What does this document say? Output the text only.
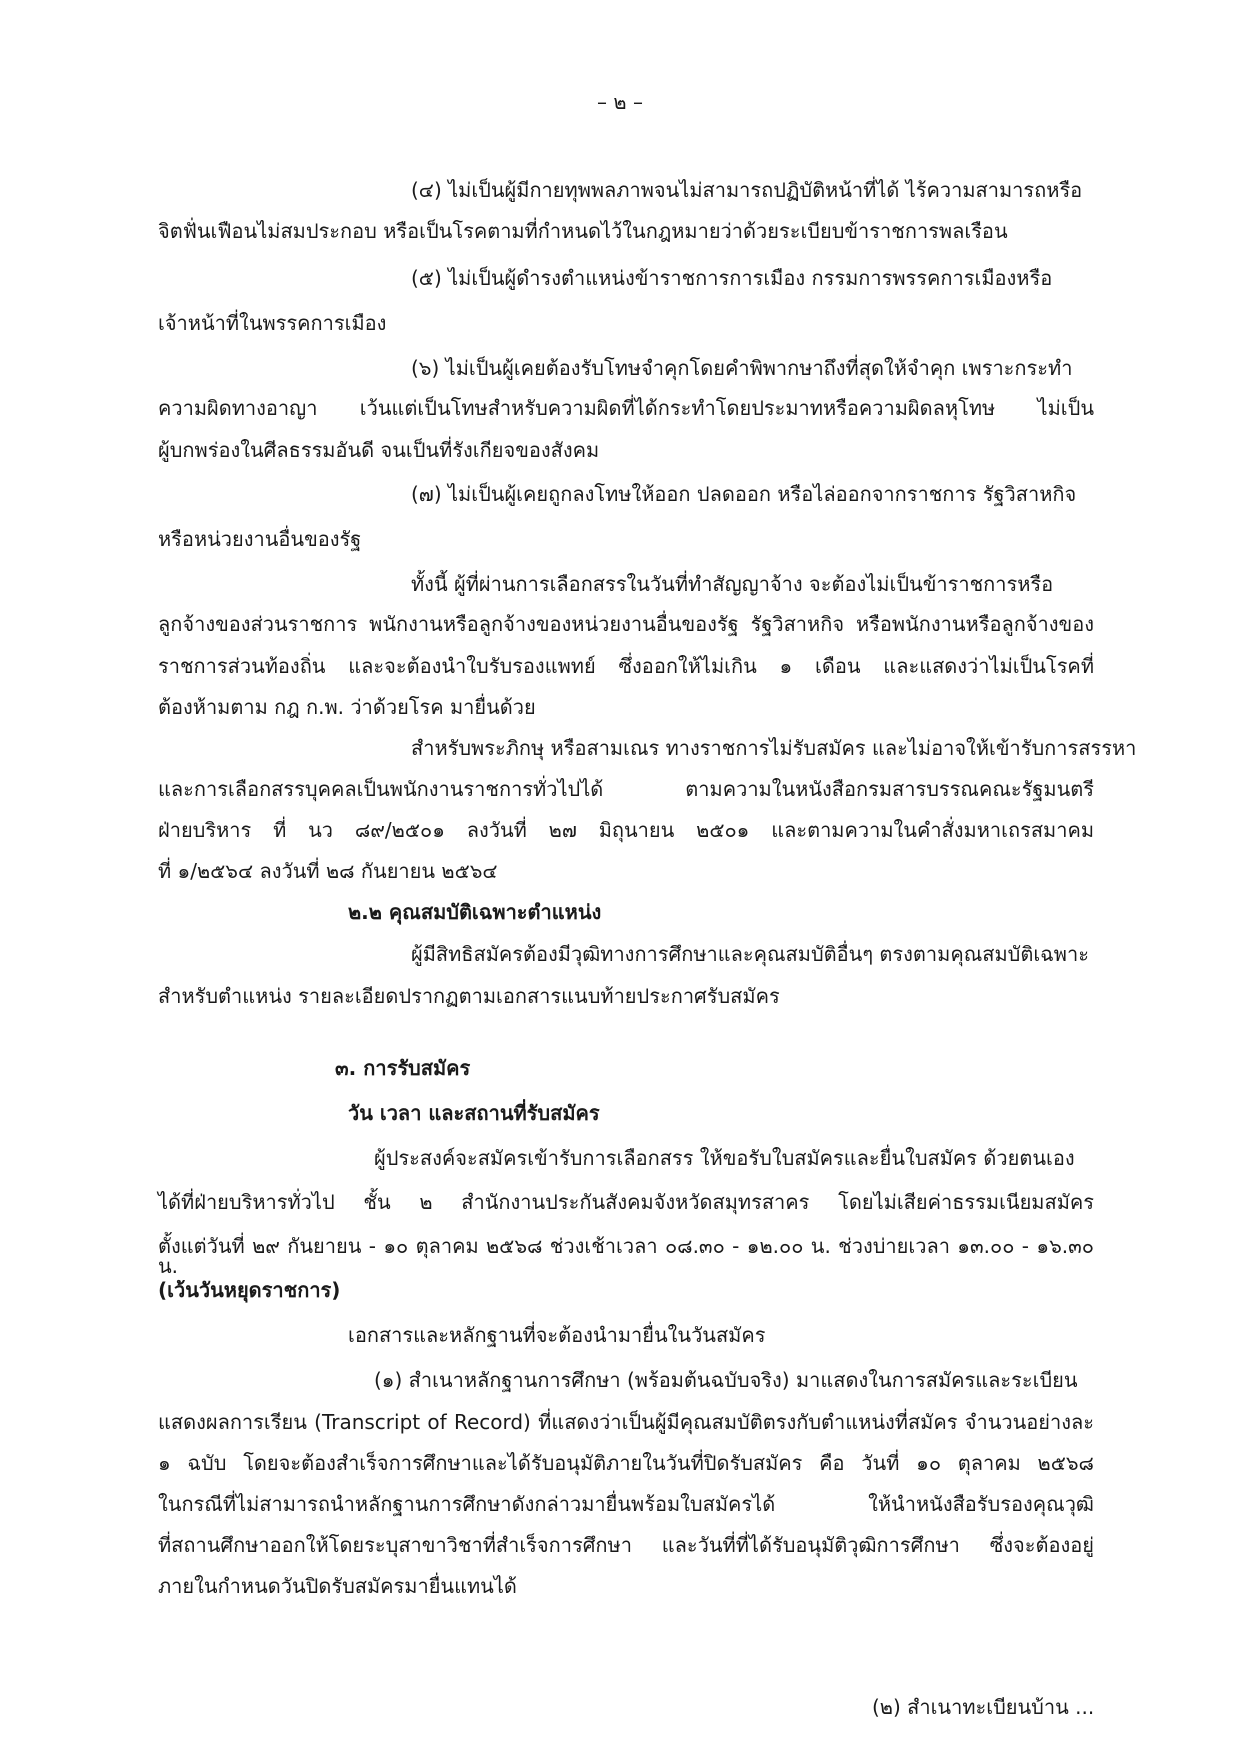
– ๒ –
(๔) ไม่เป็นผู้มีกายทุพพลภาพจนไม่สามารถปฏิบัติหน้าที่ได้ ไร้ความสามารถหรือ
จิตฟั่นเฟือนไม่สมประกอบ หรือเป็นโรคตามที่กำหนดไว้ในกฎหมายว่าด้วยระเบียบข้าราชการพลเรือน
(๕) ไม่เป็นผู้ดำรงตำแหน่งข้าราชการการเมือง กรรมการพรรคการเมืองหรือ
เจ้าหน้าที่ในพรรคการเมือง
(๖) ไม่เป็นผู้เคยต้องรับโทษจำคุกโดยคำพิพากษาถึงที่สุดให้จำคุก เพราะกระทำ
ความผิดทางอาญา เว้นแต่เป็นโทษสำหรับความผิดที่ได้กระทำโดยประมาทหรือความผิดลหุโทษ ไม่เป็น
ผู้บกพร่องในศีลธรรมอันดี จนเป็นที่รังเกียจของสังคม
(๗) ไม่เป็นผู้เคยถูกลงโทษให้ออก ปลดออก หรือไล่ออกจากราชการ รัฐวิสาหกิจ
หรือหน่วยงานอื่นของรัฐ
ทั้งนี้ ผู้ที่ผ่านการเลือกสรรในวันที่ทำสัญญาจ้าง จะต้องไม่เป็นข้าราชการหรือ
ลูกจ้างของส่วนราชการ พนักงานหรือลูกจ้างของหน่วยงานอื่นของรัฐ รัฐวิสาหกิจ หรือพนักงานหรือลูกจ้างของ
ราชการส่วนท้องถิ่น และจะต้องนำใบรับรองแพทย์ ซึ่งออกให้ไม่เกิน ๑ เดือน และแสดงว่าไม่เป็นโรคที่
ต้องห้ามตาม กฎ ก.พ. ว่าด้วยโรค มายื่นด้วย
สำหรับพระภิกษุ หรือสามเณร ทางราชการไม่รับสมัคร และไม่อาจให้เข้ารับการสรรหา
และการเลือกสรรบุคคลเป็นพนักงานราชการทั่วไปได้ ตามความในหนังสือกรมสารบรรณคณะรัฐมนตรี
ฝ่ายบริหาร ที่ นว ๘๙/๒๕๐๑ ลงวันที่ ๒๗ มิถุนายน ๒๕๐๑ และตามความในคำสั่งมหาเถรสมาคม
ที่ ๑/๒๕๖๔ ลงวันที่ ๒๘ กันยายน ๒๕๖๔
๒.๒ คุณสมบัติเฉพาะตำแหน่ง
ผู้มีสิทธิสมัครต้องมีวุฒิทางการศึกษาและคุณสมบัติอื่นๆ ตรงตามคุณสมบัติเฉพาะ
สำหรับตำแหน่ง รายละเอียดปรากฏตามเอกสารแนบท้ายประกาศรับสมัคร
๓. การรับสมัคร
วัน เวลา และสถานที่รับสมัคร
ผู้ประสงค์จะสมัครเข้ารับการเลือกสรร ให้ขอรับใบสมัครและยื่นใบสมัคร ด้วยตนเอง
ได้ที่ฝ่ายบริหารทั่วไป ชั้น ๒ สำนักงานประกันสังคมจังหวัดสมุทรสาคร โดยไม่เสียค่าธรรมเนียมสมัคร
ตั้งแต่วันที่ ๒๙ กันยายน - ๑๐ ตุลาคม ๒๕๖๘ ช่วงเช้าเวลา ๐๘.๓๐ - ๑๒.๐๐ น. ช่วงบ่ายเวลา ๑๓.๐๐ - ๑๖.๓๐ น.
(เว้นวันหยุดราชการ)
เอกสารและหลักฐานที่จะต้องนำมายื่นในวันสมัคร
(๑) สำเนาหลักฐานการศึกษา (พร้อมต้นฉบับจริง) มาแสดงในการสมัครและระเบียน
แสดงผลการเรียน (Transcript of Record) ที่แสดงว่าเป็นผู้มีคุณสมบัติตรงกับตำแหน่งที่สมัคร จำนวนอย่างละ
๑ ฉบับ โดยจะต้องสำเร็จการศึกษาและได้รับอนุมัติภายในวันที่ปิดรับสมัคร คือ วันที่ ๑๐ ตุลาคม ๒๕๖๘
ในกรณีที่ไม่สามารถนำหลักฐานการศึกษาดังกล่าวมายื่นพร้อมใบสมัครได้ ให้นำหนังสือรับรองคุณวุฒิ
ที่สถานศึกษาออกให้โดยระบุสาขาวิชาที่สำเร็จการศึกษา และวันที่ที่ได้รับอนุมัติวุฒิการศึกษา ซึ่งจะต้องอยู่
ภายในกำหนดวันปิดรับสมัครมายื่นแทนได้
(๒) สำเนาทะเบียนบ้าน ...
